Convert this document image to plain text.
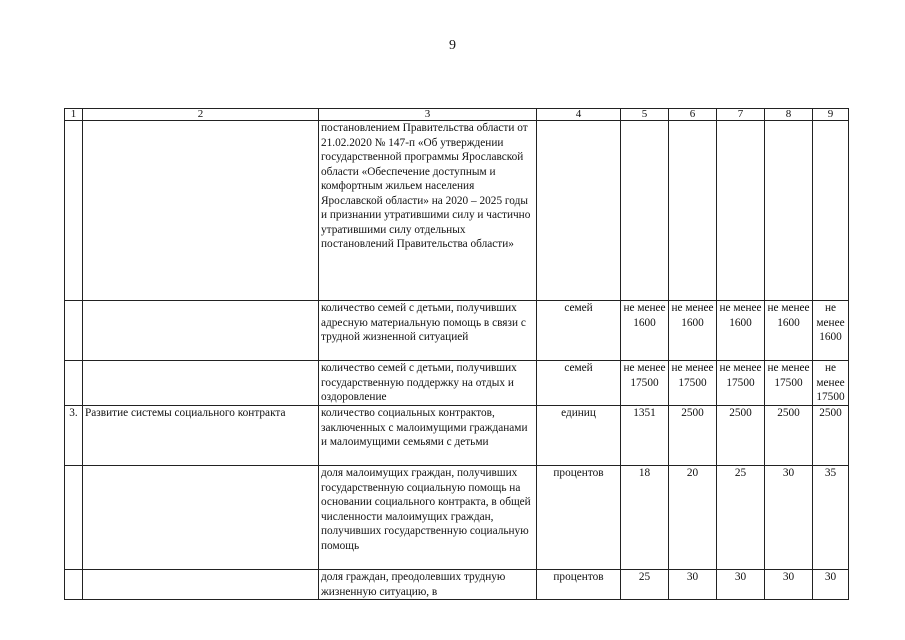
9
1	2	3	4	5	6	7	8	9
		постановлением Правительства области от 21.02.2020 № 147-п «Об утверждении государственной программы Ярославской области «Обеспечение доступным и комфортным жильем населения Ярославской области» на 2020 – 2025 годы и признании утратившими силу и частично утратившими силу отдельных постановлений Правительства области»						
		количество семей с детьми, получивших адресную материальную помощь в связи с трудной жизненной ситуацией	семей	не менее 1600	не менее 1600	не менее 1600	не менее 1600	не менее 1600
		количество семей с детьми, получивших государственную поддержку на отдых и оздоровление	семей	не менее 17500	не менее 17500	не менее 17500	не менее 17500	не менее 17500
3.	Развитие системы социального контракта	количество социальных контрактов, заключенных с малоимущими гражданами и малоимущими семьями с детьми	единиц	1351	2500	2500	2500	2500
		доля малоимущих граждан, получивших государственную социальную помощь на основании социального контракта, в общей численности малоимущих граждан, получивших государственную социальную помощь	процентов	18	20	25	30	35
		доля граждан, преодолевших трудную жизненную ситуацию, в	процентов	25	30	30	30	30
